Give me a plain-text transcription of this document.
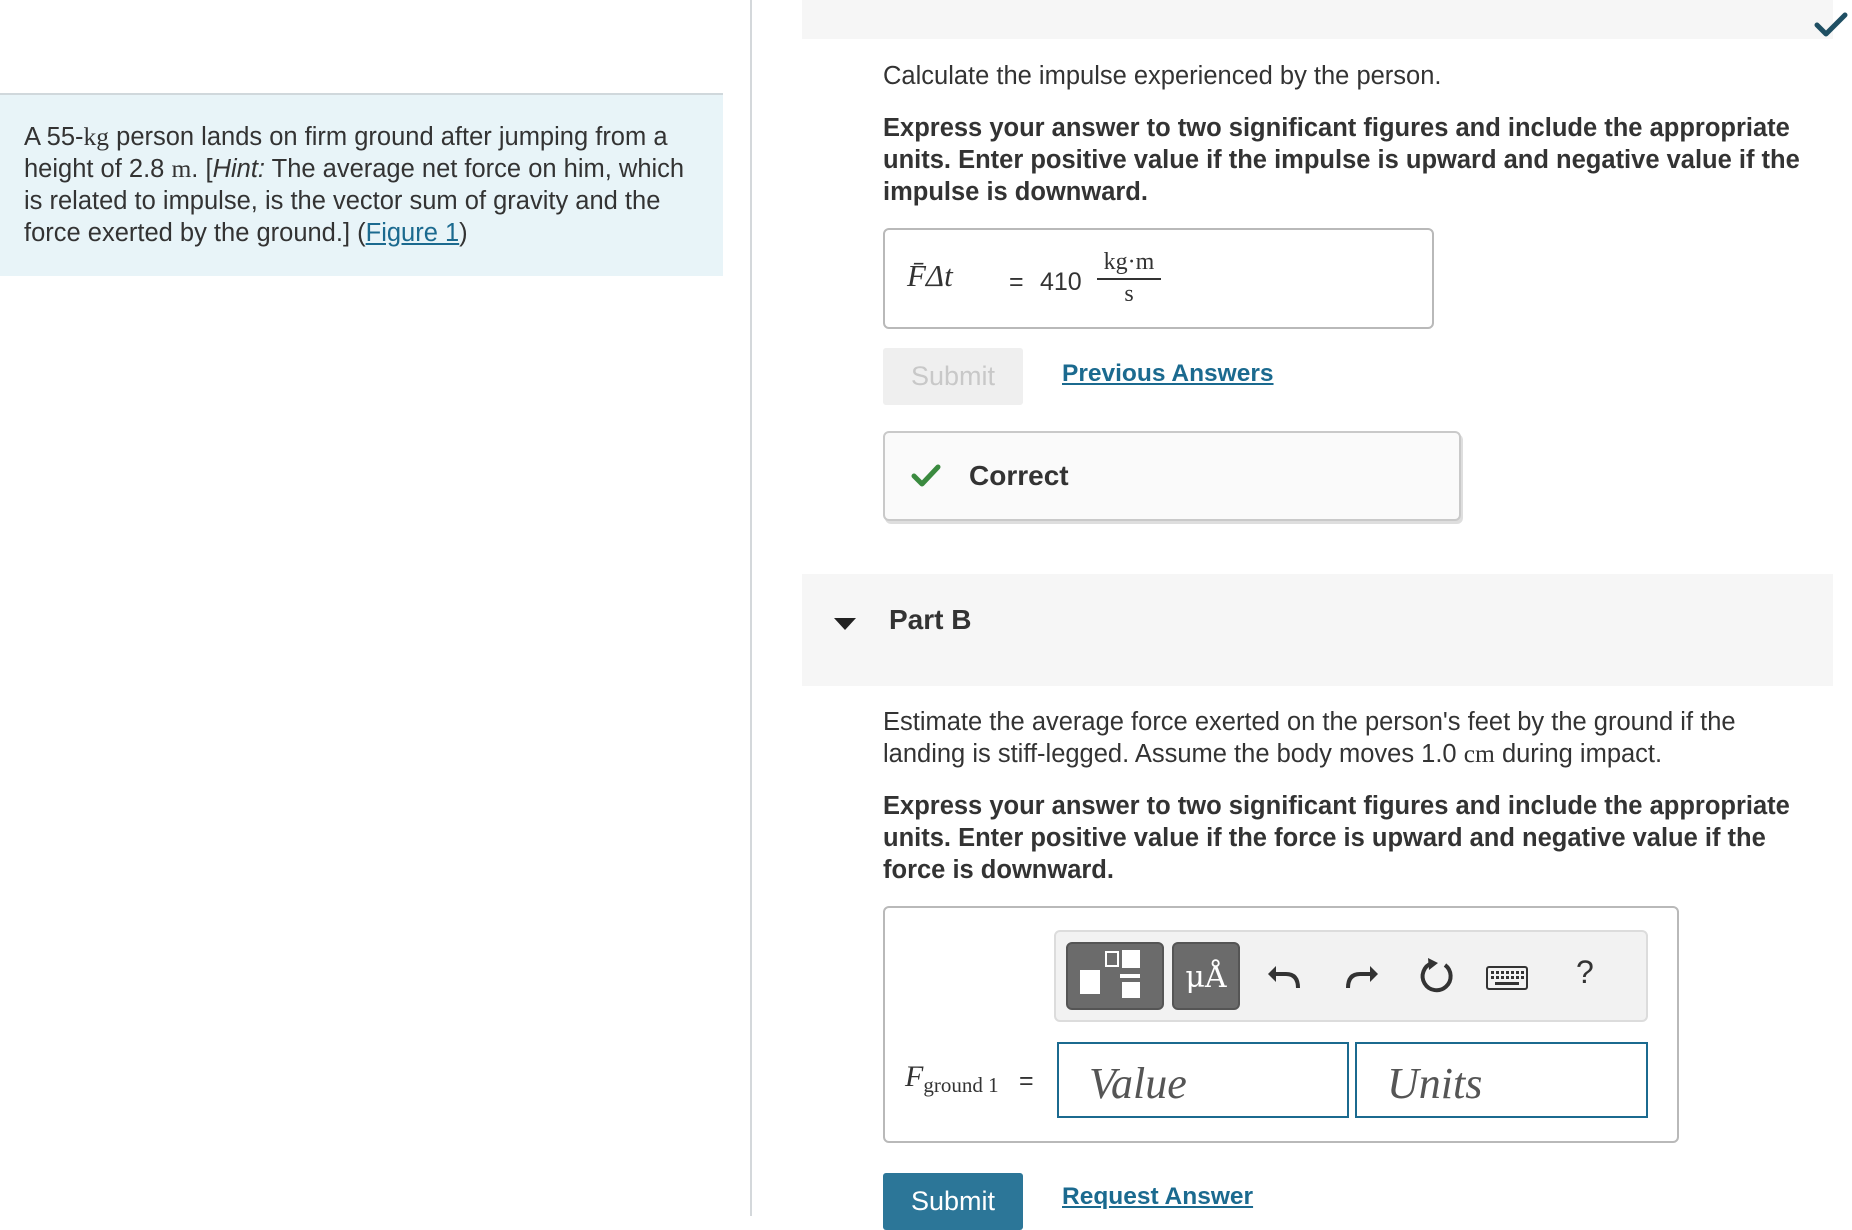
A 55-kg person lands on firm ground after jumping from a height of 2.8 m. [Hint: The average net force on him, which is related to impulse, is the vector sum of gravity and the force exerted by the ground.] (Figure 1)
Calculate the impulse experienced by the person.
Express your answer to two significant figures and include the appropriate units. Enter positive value if the impulse is upward and negative value if the impulse is downward.
F̄Δt = $410 \frac{kg\cdot m}{s}$
Submit	Previous Answers
Correct
Part B
Estimate the average force exerted on the person's feet by the ground if the landing is stiff-legged. Assume the body moves 1.0 cm during impact.
Express your answer to two significant figures and include the appropriate units. Enter positive value if the force is upward and negative value if the force is downward.
μÅ	?
$F_{ground 1}$ =
Value
Units
Submit	Request Answer
